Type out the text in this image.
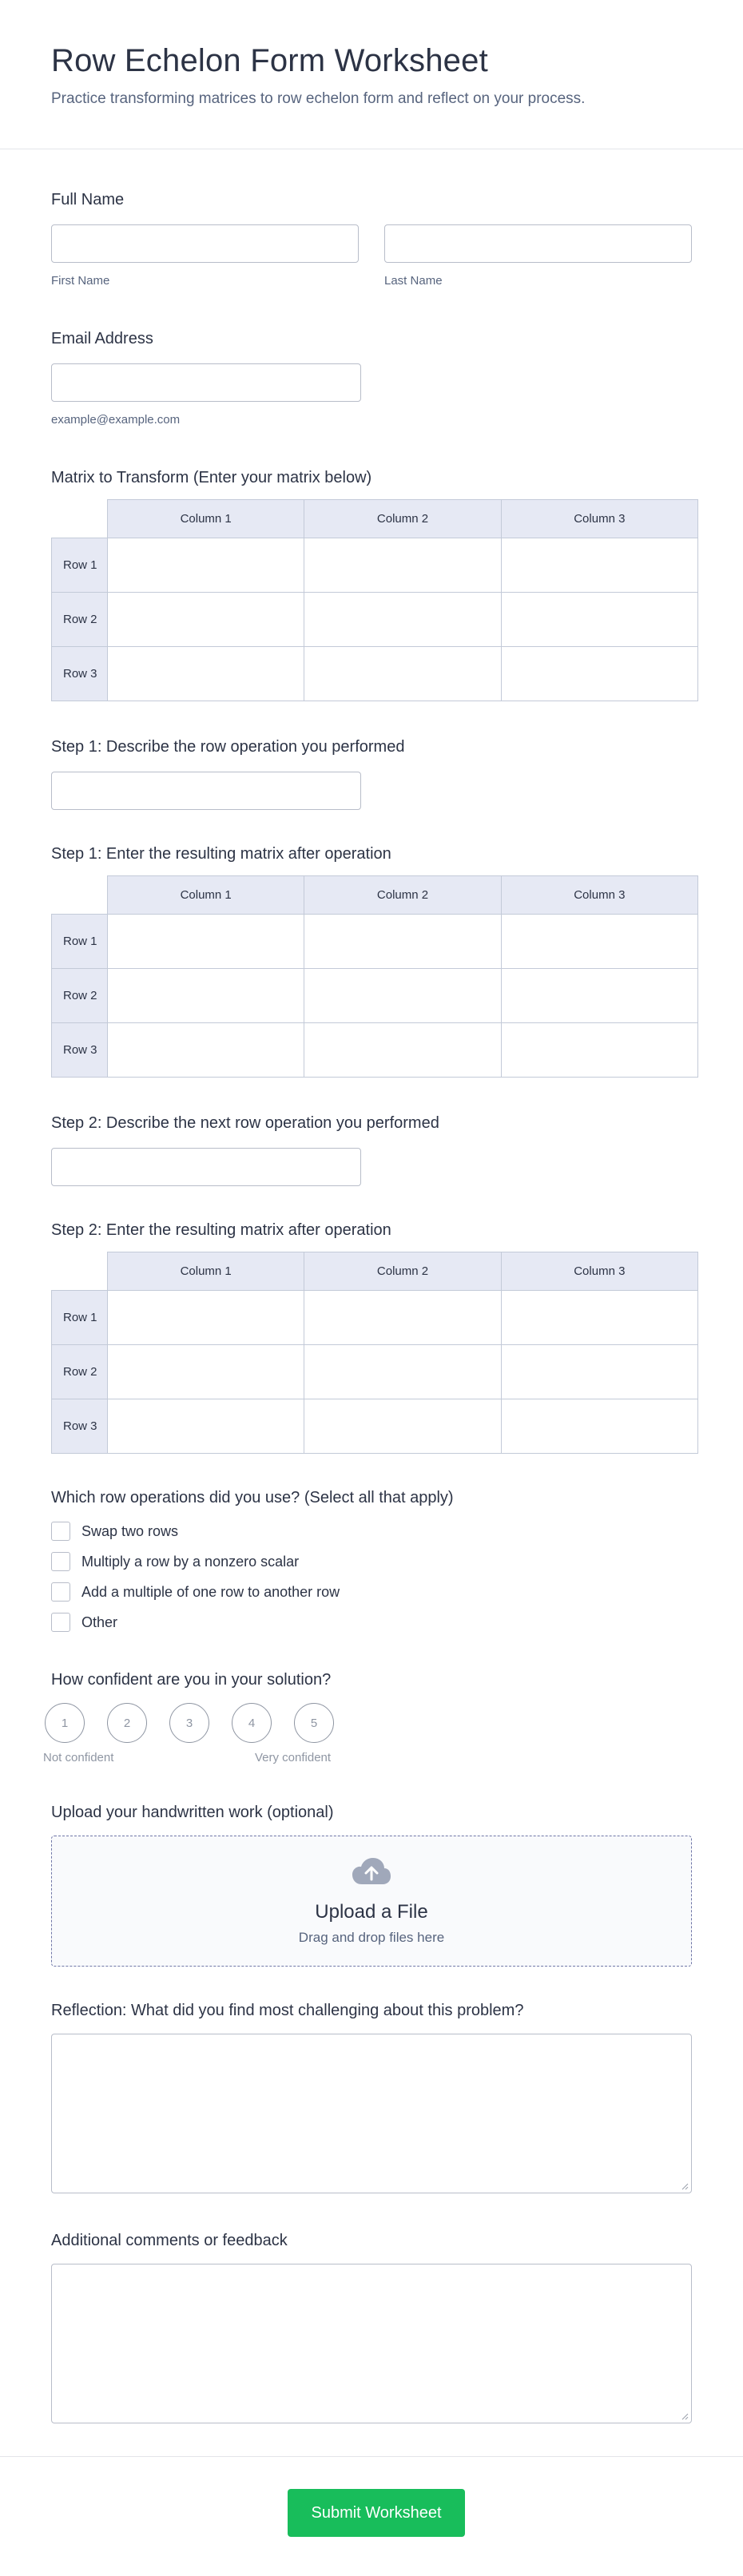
Row Echelon Form Worksheet

Practice transforming matrices to row echelon form and reflect on your process.

Full Name
First Name	Last Name
Email Address
example@example.com
Matrix to Transform (Enter your matrix below)
	Column 1	Column 2	Column 3
Row 1			
Row 2			
Row 3			
Step 1: Describe the row operation you performed
Step 1: Enter the resulting matrix after operation
	Column 1	Column 2	Column 3
Row 1			
Row 2			
Row 3			
Step 2: Describe the next row operation you performed
Step 2: Enter the resulting matrix after operation
	Column 1	Column 2	Column 3
Row 1			
Row 2			
Row 3			
Which row operations did you use? (Select all that apply)
Swap two rows
Multiply a row by a nonzero scalar
Add a multiple of one row to another row
Other
How confident are you in your solution?
1	2	3	4	5
Not confident	Very confident
Upload your handwritten work (optional)
Upload a File
Drag and drop files here
Reflection: What did you find most challenging about this problem?
Additional comments or feedback
Submit Worksheet
